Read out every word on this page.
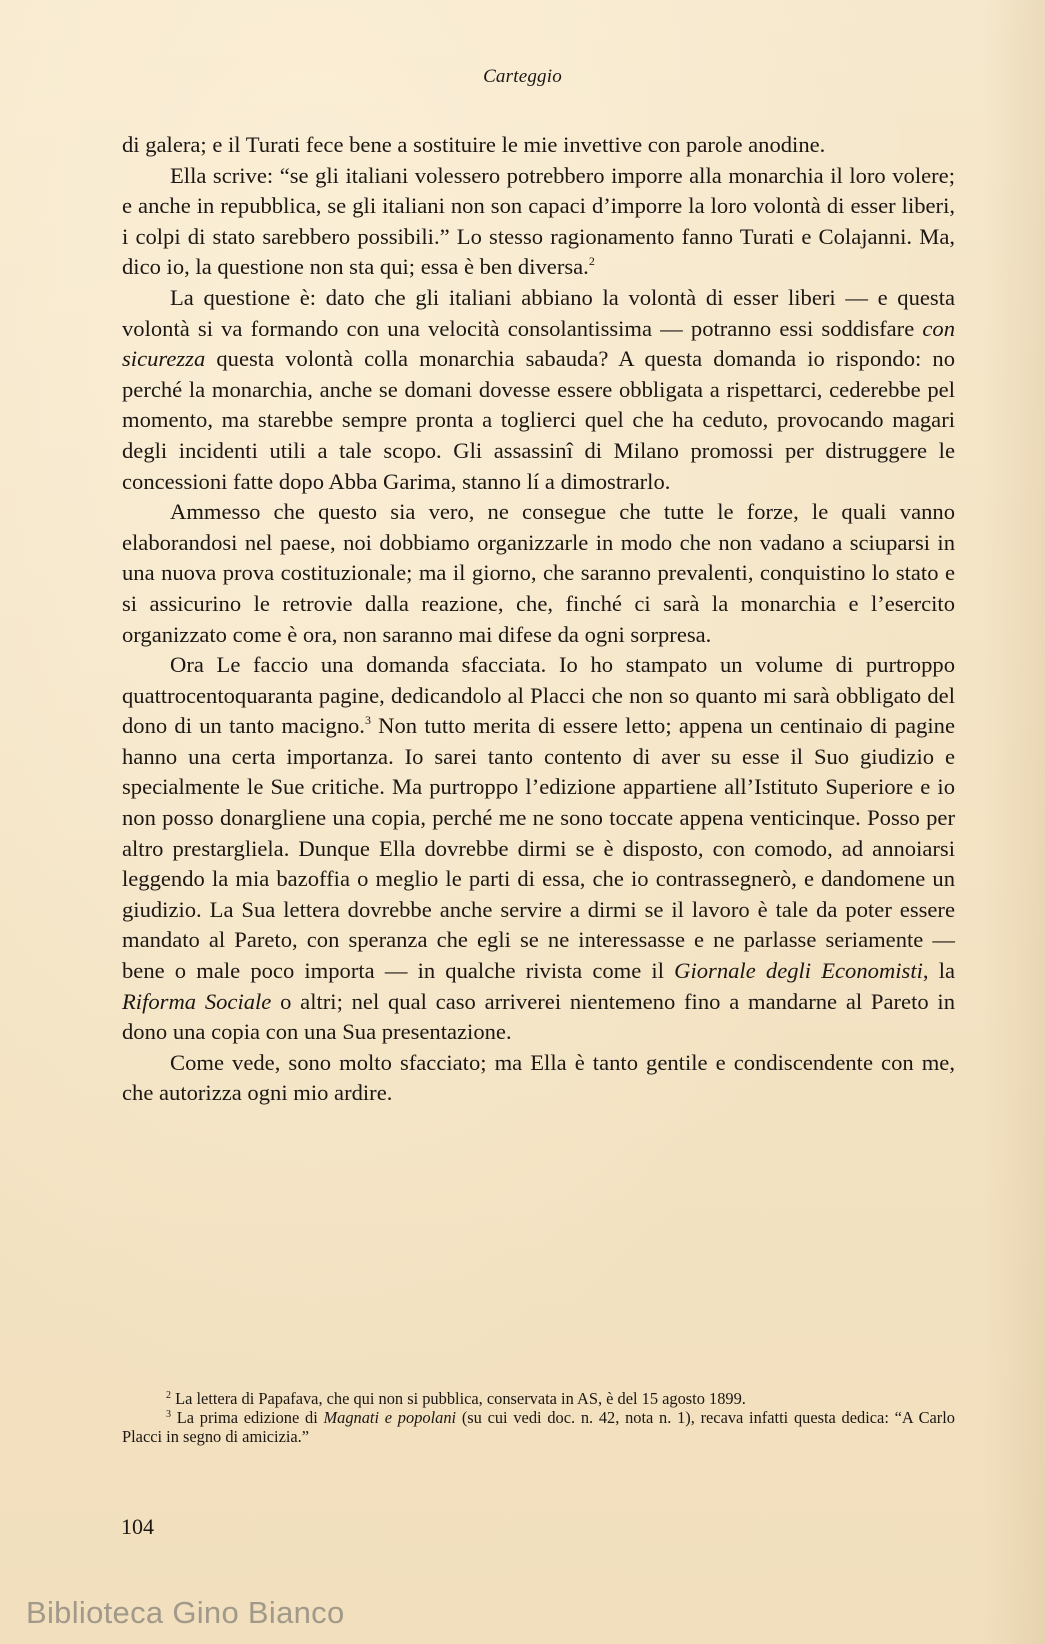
Carteggio

di galera; e il Turati fece bene a sostituire le mie invettive con parole anodine.

Ella scrive: “se gli italiani volessero potrebbero imporre alla monarchia il loro volere; e anche in repubblica, se gli italiani non son capaci d’imporre la loro volontà di esser liberi, i colpi di stato sarebbero possibili.” Lo stesso ragionamento fanno Turati e Colajanni. Ma, dico io, la questione non sta qui; essa è ben diversa.$^2$

La questione è: dato che gli italiani abbiano la volontà di esser liberi — e questa volontà si va formando con una velocità consolantissima — potranno essi soddisfare con sicurezza questa volontà colla monarchia sabauda? A questa domanda io rispondo: no perché la monarchia, anche se domani dovesse essere obbligata a rispettarci, cederebbe pel momento, ma starebbe sempre pronta a toglierci quel che ha ceduto, provocando magari degli incidenti utili a tale scopo. Gli assassinî di Milano promossi per distruggere le concessioni fatte dopo Abba Garima, stanno lí a dimostrarlo.

Ammesso che questo sia vero, ne consegue che tutte le forze, le quali vanno elaborandosi nel paese, noi dobbiamo organizzarle in modo che non vadano a sciuparsi in una nuova prova costituzionale; ma il giorno, che saranno prevalenti, conquistino lo stato e si assicurino le retrovie dalla reazione, che, finché ci sarà la monarchia e l’esercito organizzato come è ora, non saranno mai difese da ogni sorpresa.

Ora Le faccio una domanda sfacciata. Io ho stampato un volume di purtroppo quattrocentoquaranta pagine, dedicandolo al Placci che non so quanto mi sarà obbligato del dono di un tanto macigno.$^3$ Non tutto merita di essere letto; appena un centinaio di pagine hanno una certa importanza. Io sarei tanto contento di aver su esse il Suo giudizio e specialmente le Sue critiche. Ma purtroppo l’edizione appartiene all’Istituto Superiore e io non posso donargliene una copia, perché me ne sono toccate appena venticinque. Posso per altro prestargliela. Dunque Ella dovrebbe dirmi se è disposto, con comodo, ad annoiarsi leggendo la mia bazoffia o meglio le parti di essa, che io contrassegnerò, e dandomene un giudizio. La Sua lettera dovrebbe anche servire a dirmi se il lavoro è tale da poter essere mandato al Pareto, con speranza che egli se ne interessasse e ne parlasse seriamente — bene o male poco importa — in qualche rivista come il Giornale degli Economisti, la Riforma Sociale o altri; nel qual caso arriverei nientemeno fino a mandarne al Pareto in dono una copia con una Sua presentazione.

Come vede, sono molto sfacciato; ma Ella è tanto gentile e condiscendente con me, che autorizza ogni mio ardire.

$^2$ La lettera di Papafava, che qui non si pubblica, conservata in AS, è del 15 agosto 1899.

$^3$ La prima edizione di Magnati e popolani (su cui vedi doc. n. 42, nota n. 1), recava infatti questa dedica: “A Carlo Placci in segno di amicizia.”

104
Biblioteca Gino Bianco
